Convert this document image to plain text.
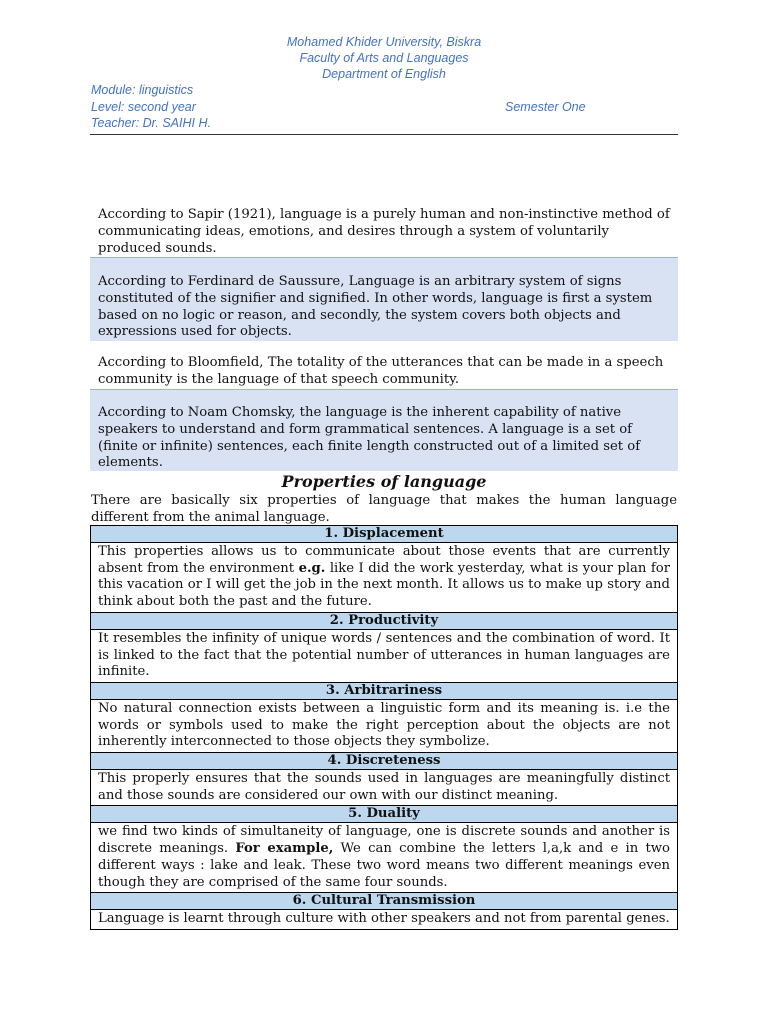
Mohamed Khider University, Biskra
Faculty of Arts and Languages
Department of English
Module: linguistics
Level: second year	Semester One
Teacher: Dr. SAIHI H.

According to Sapir (1921), language is a purely human and non-instinctive method of communicating ideas, emotions, and desires through a system of voluntarily produced sounds.

According to Ferdinard de Saussure, Language is an arbitrary system of signs constituted of the signifier and signified. In other words, language is first a system based on no logic or reason, and secondly, the system covers both objects and expressions used for objects.

According to Bloomfield, The totality of the utterances that can be made in a speech community is the language of that speech community.

According to Noam Chomsky, the language is the inherent capability of native speakers to understand and form grammatical sentences. A language is a set of (finite or infinite) sentences, each finite length constructed out of a limited set of elements.

Properties of language
There are basically six properties of language that makes the human language different from the animal language.
1. Displacement
This properties allows us to communicate about those events that are currently absent from the environment e.g. like I did the work yesterday, what is your plan for this vacation or I will get the job in the next month. It allows us to make up story and think about both the past and the future.
2. Productivity
It resembles the infinity of unique words / sentences and the combination of word. It is linked to the fact that the potential number of utterances in human languages are infinite.
3. Arbitrariness
No natural connection exists between a linguistic form and its meaning is. i.e the words or symbols used to make the right perception about the objects are not inherently interconnected to those objects they symbolize.
4. Discreteness
This properly ensures that the sounds used in languages are meaningfully distinct and those sounds are considered our own with our distinct meaning.
5. Duality
we find two kinds of simultaneity of language, one is discrete sounds and another is discrete meanings. For example, We can combine the letters l,a,k and e in two different ways : lake and leak. These two word means two different meanings even though they are comprised of the same four sounds.
6. Cultural Transmission
Language is learnt through culture with other speakers and not from parental genes.
